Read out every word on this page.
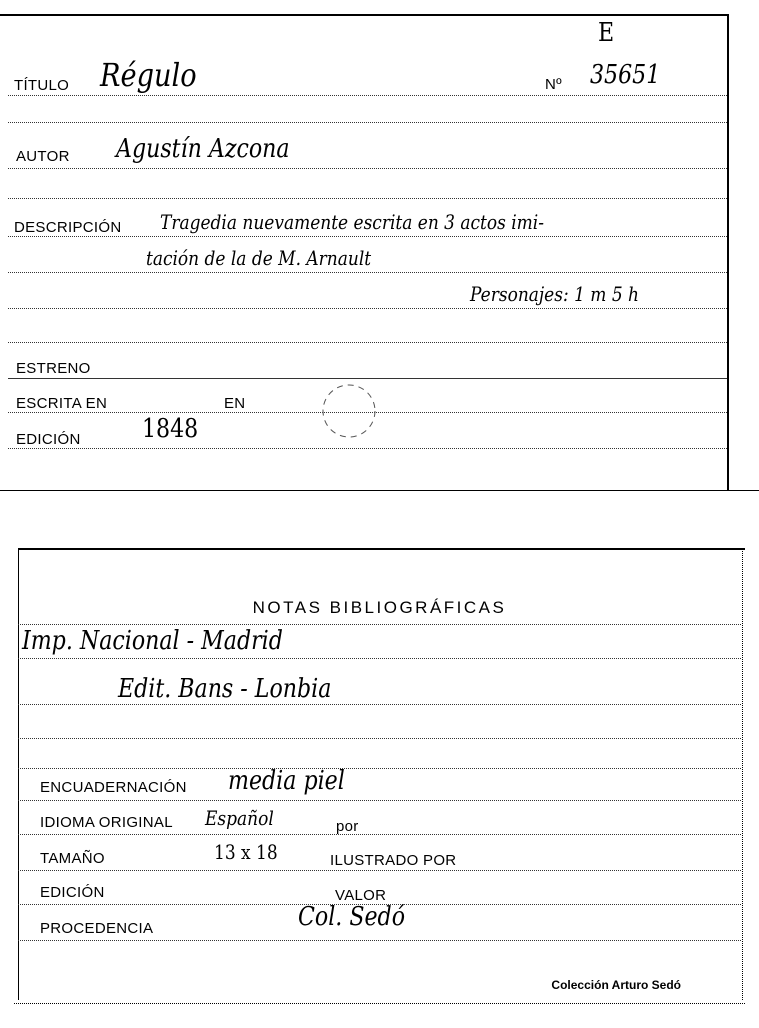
E
TÍTULO Régulo	Nº 35651
AUTOR Agustín Azcona
DESCRIPCIÓN Tragedia nuevamente escrita en 3 actos imi-
tación de la de M. Arnault
Personajes: 1 m 5 h
ESTRENO
ESCRITA EN	EN
EDICIÓN 1848
NOTAS BIBLIOGRÁFICAS
Imp. Nacional - Madrid
Edit. Bans - Lonbia
ENCUADERNACIÓN media piel
IDIOMA ORIGINAL Español	por
TAMAÑO	13 x 18	ILUSTRADO POR
EDICIÓN	VALOR
PROCEDENCIA	Col. Sedó
Colección Arturo Sedó
